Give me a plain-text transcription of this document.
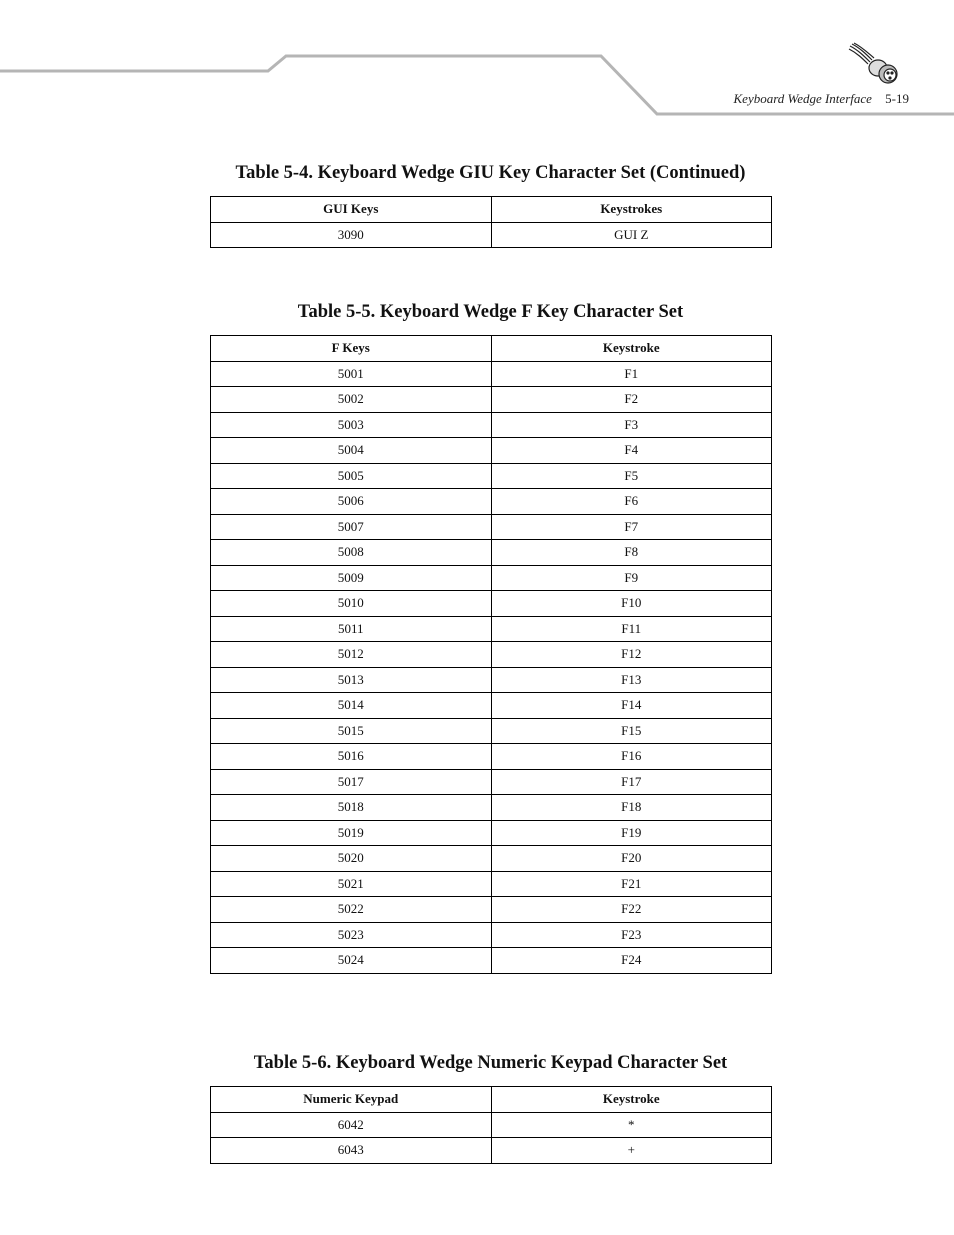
Keyboard Wedge Interface 5-19
Table 5-4. Keyboard Wedge GIU Key Character Set (Continued)
GUI Keys	Keystrokes
3090	GUI Z
Table 5-5. Keyboard Wedge F Key Character Set
F Keys	Keystroke
5001	F1
5002	F2
5003	F3
5004	F4
5005	F5
5006	F6
5007	F7
5008	F8
5009	F9
5010	F10
5011	F11
5012	F12
5013	F13
5014	F14
5015	F15
5016	F16
5017	F17
5018	F18
5019	F19
5020	F20
5021	F21
5022	F22
5023	F23
5024	F24
Table 5-6. Keyboard Wedge Numeric Keypad Character Set
Numeric Keypad	Keystroke
6042	*
6043	+
